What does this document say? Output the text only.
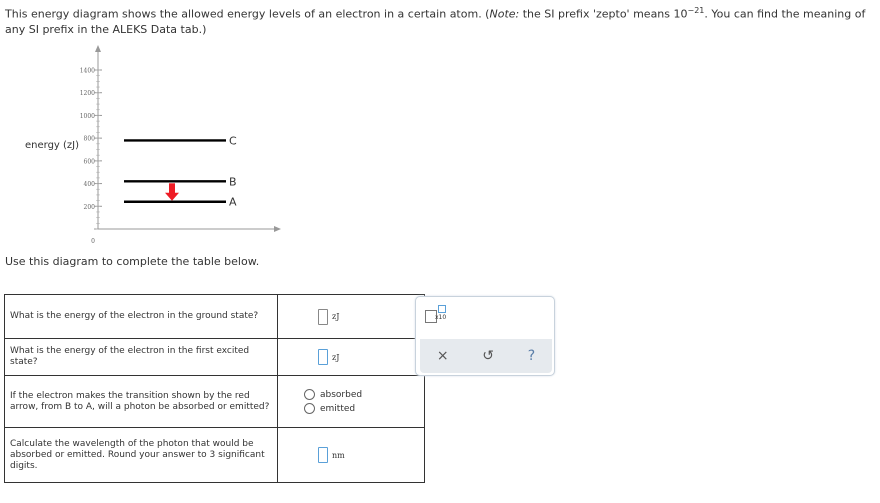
This energy diagram shows the allowed energy levels of an electron in a certain atom. (Note: the SI prefix 'zepto' means $10^{-21}$. You can find the meaning of any SI prefix in the ALEKS Data tab.)
energy (zJ)
1400
1200
1000
800
600
400
200
0
C
B
A
Use this diagram to complete the table below.
What is the energy of the electron in the ground state?	zJ
What is the energy of the electron in the first excited state?	zJ
If the electron makes the transition shown by the red arrow, from B to A, will a photon be absorbed or emitted?	absorbed
emitted

Calculate the wavelength of the photon that would be absorbed or emitted. Round your answer to 3 significant digits.	nm
x10
× ↺ ?
